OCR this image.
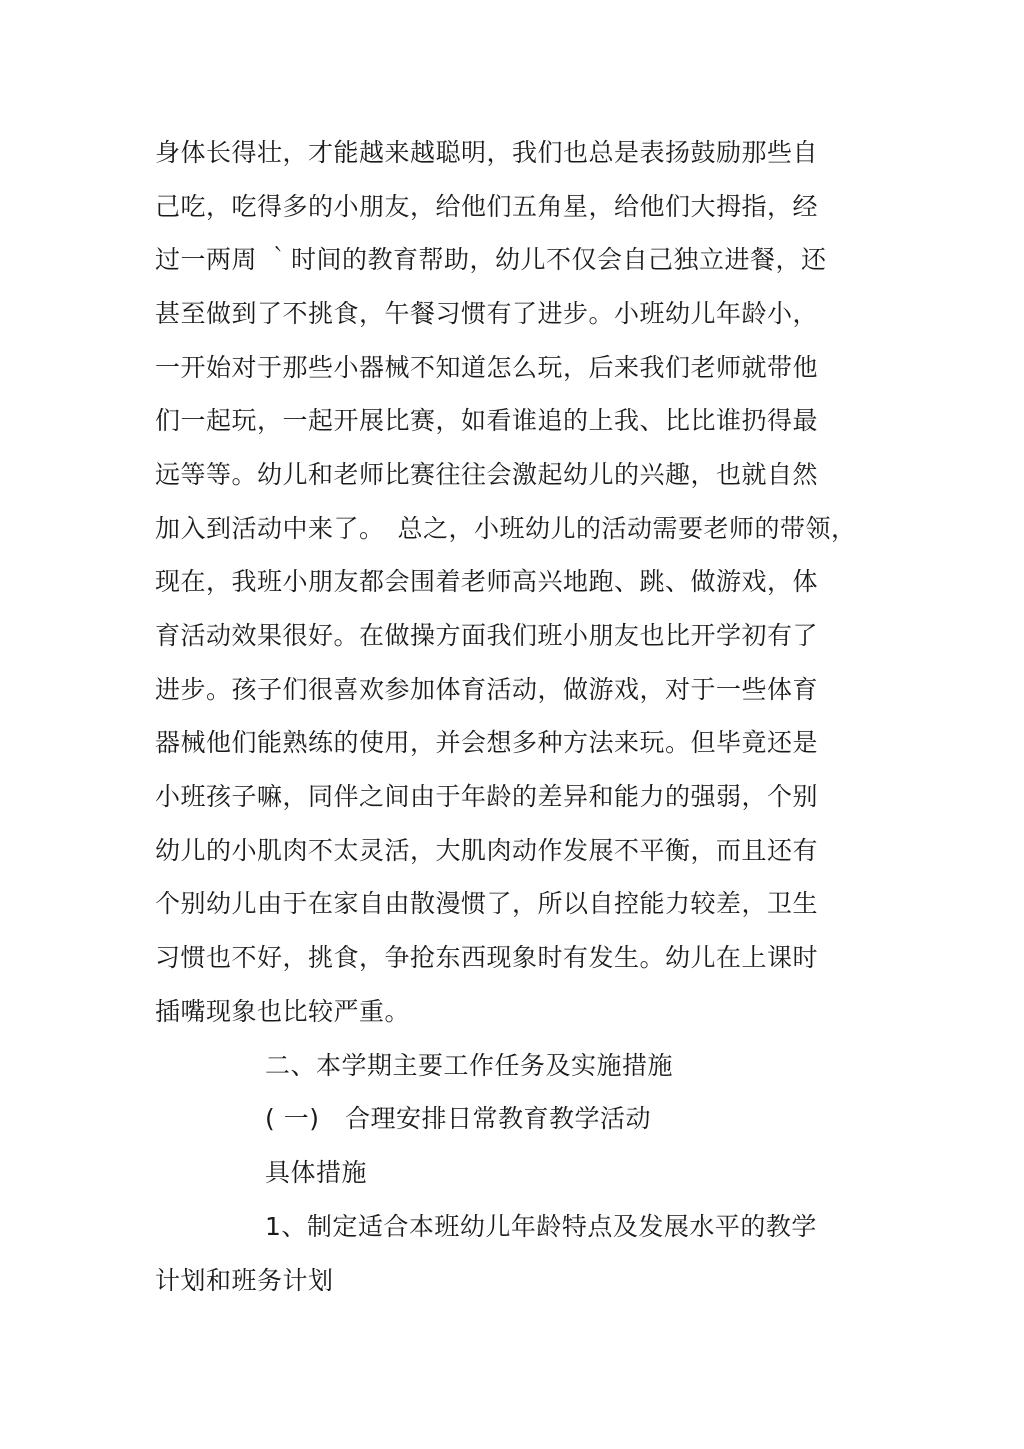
身体长得壮，才能越来越聪明，我们也总是表扬鼓励那些自
己吃，吃得多的小朋友，给他们五角星，给他们大拇指，经
过一两周 ｀时间的教育帮助，幼儿不仅会自己独立进餐，还
甚至做到了不挑食，午餐习惯有了进步。小班幼儿年龄小，
一开始对于那些小器械不知道怎么玩，后来我们老师就带他
们一起玩，一起开展比赛，如看谁追的上我、比比谁扔得最
远等等。幼儿和老师比赛往往会激起幼儿的兴趣，也就自然
加入到活动中来了。　总之，小班幼儿的活动需要老师的带领，
现在，我班小朋友都会围着老师高兴地跑、跳、做游戏，体
育活动效果很好。在做操方面我们班小朋友也比开学初有了
进步。孩子们很喜欢参加体育活动，做游戏，对于一些体育
器械他们能熟练的使用，并会想多种方法来玩。但毕竟还是
小班孩子嘛，同伴之间由于年龄的差异和能力的强弱，个别
幼儿的小肌肉不太灵活，大肌肉动作发展不平衡，而且还有
个别幼儿由于在家自由散漫惯了，所以自控能力较差，卫生
习惯也不好，挑食，争抢东西现象时有发生。幼儿在上课时
插嘴现象也比较严重。
二、本学期主要工作任务及实施措施
( 一)　合理安排日常教育教学活动
具体措施
1、制定适合本班幼儿年龄特点及发展水平的教学
计划和班务计划
